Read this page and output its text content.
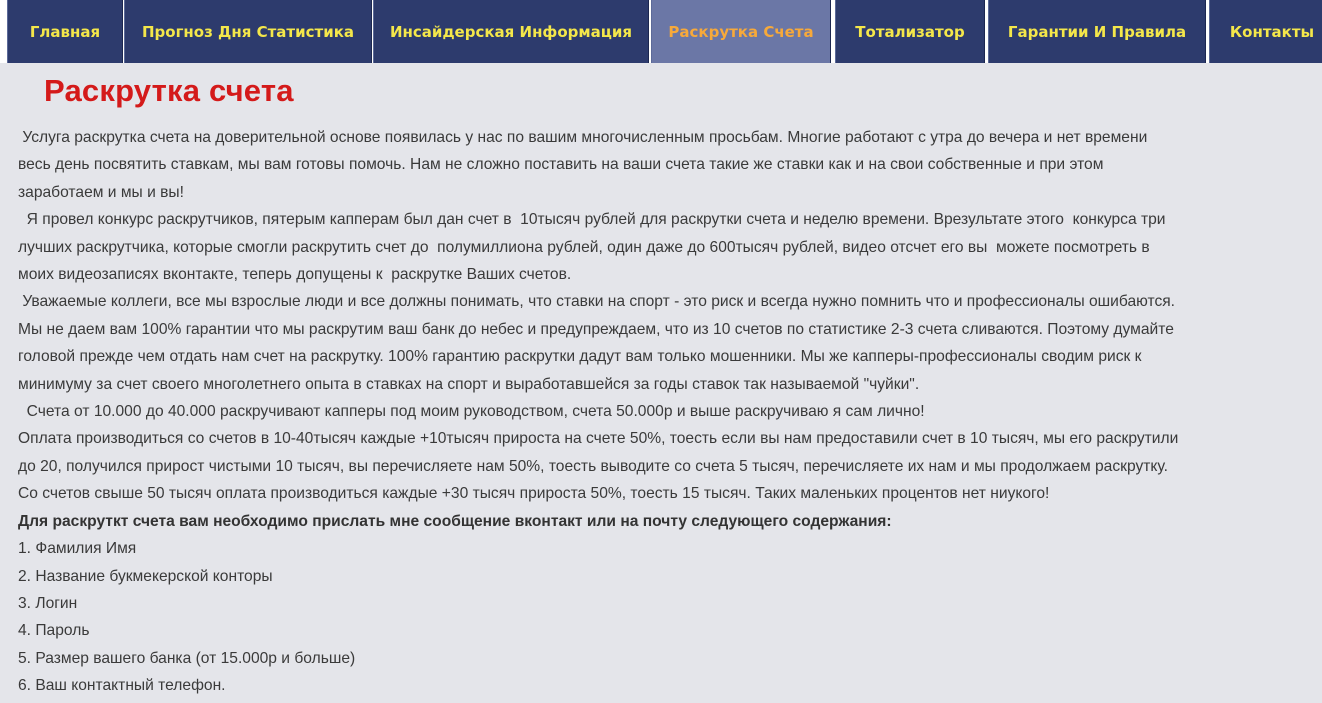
Главная	Прогноз Дня Статистика	Инсайдерская Информация	Раскрутка Счета	Тотализатор	Гарантии И Правила	Контакты
Раскрутка счета

Услуга раскрутка счета на доверительной основе появилась у нас по вашим многочисленным просьбам. Многие работают с утра до вечера и нет времени

весь день посвятить ставкам, мы вам готовы помочь. Нам не сложно поставить на ваши счета такие же ставки как и на свои собственные и при этом

заработаем и мы и вы!

Я провел конкурс раскрутчиков, пятерым капперам был дан счет в  10тысяч рублей для раскрутки счета и неделю времени. Врезультате этого  конкурса три

лучших раскрутчика, которые смогли раскрутить счет до  полумиллиона рублей, один даже до 600тысяч рублей, видео отсчет его вы  можете посмотреть в

моих видеозаписях вконтакте, теперь допущены к  раскрутке Ваших счетов.

Уважаемые коллеги, все мы взрослые люди и все должны понимать, что ставки на спорт - это риск и всегда нужно помнить что и профессионалы ошибаются.

Мы не даем вам 100% гарантии что мы раскрутим ваш банк до небес и предупреждаем, что из 10 счетов по статистике 2-3 счета сливаются. Поэтому думайте

головой прежде чем отдать нам счет на раскрутку. 100% гарантию раскрутки дадут вам только мошенники. Мы же капперы-профессионалы сводим риск к

минимуму за счет своего многолетнего опыта в ставках на спорт и выработавшейся за годы ставок так называемой "чуйки".

Счета от 10.000 до 40.000 раскручивают капперы под моим руководством, счета 50.000р и выше раскручиваю я сам лично!

Оплата производиться со счетов в 10-40тысяч каждые +10тысяч прироста на счете 50%, тоесть если вы нам предоставили счет в 10 тысяч, мы его раскрутили

до 20, получился прирост чистыми 10 тысяч, вы перечисляете нам 50%, тоесть выводите со счета 5 тысяч, перечисляете их нам и мы продолжаем раскрутку.

Со счетов свыше 50 тысяч оплата производиться каждые +30 тысяч прироста 50%, тоесть 15 тысяч. Таких маленьких процентов нет ниукого!

Для раскруткт счета вам необходимо прислать мне сообщение вконтакт или на почту следующего содержания:

1. Фамилия Имя
2. Название букмекерской конторы
3. Логин
4. Пароль
5. Размер вашего банка (от 15.000р и больше)
6. Ваш контактный телефон.
